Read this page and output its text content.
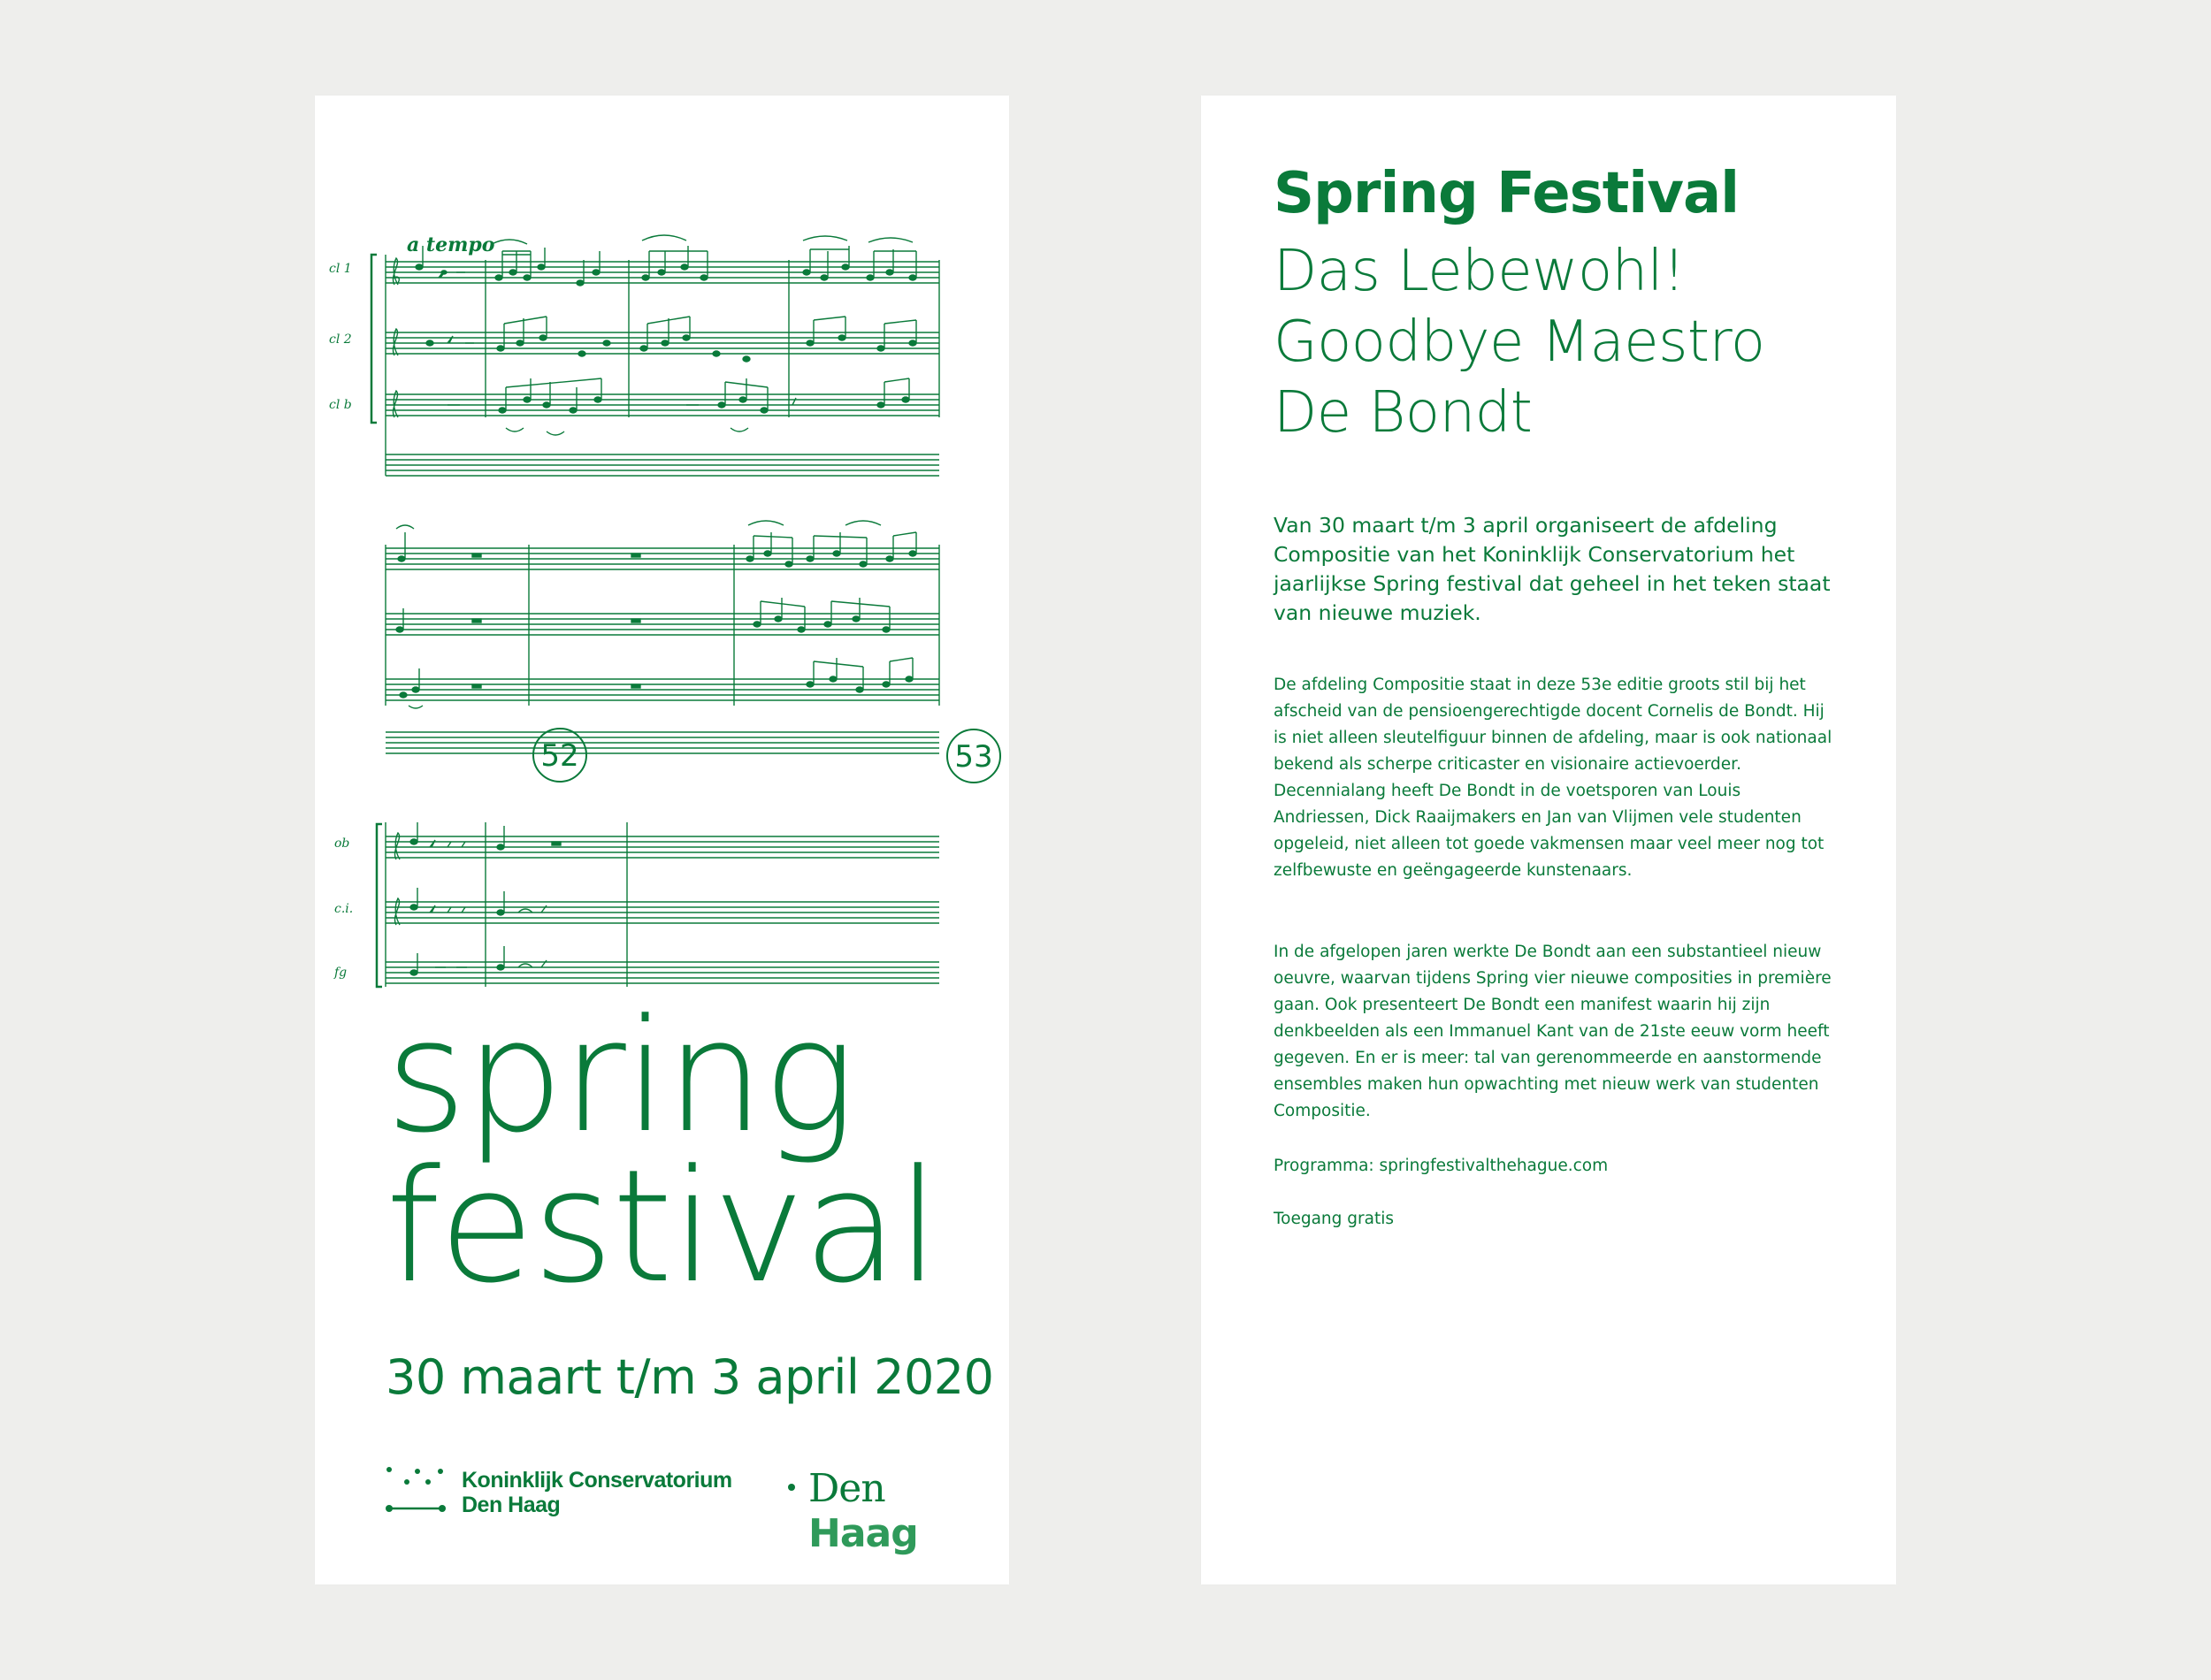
cl 1
cl 2
cl b
ob
c.i.
fg
a tempo
52	53
spring
festival
30 maart t/m 3 april 2020
Koninklijk Conservatorium
Den Haag	Den Haag
Spring Festival
Das Lebewohl!
Goodbye Maestro
De Bondt

Van 30 maart t/m 3 april organiseert de afdeling Compositie van het Koninklijk Conservatorium het jaarlijkse Spring festival dat geheel in het teken staat van nieuwe muziek.

De afdeling Compositie staat in deze 53e editie groots stil bij het afscheid van de pensioengerechtigde docent Cornelis de Bondt. Hij is niet alleen sleutelfiguur binnen de afdeling, maar is ook nationaal bekend als scherpe criticaster en visionaire actievoerder. Decennialang heeft De Bondt in de voetsporen van Louis Andriessen, Dick Raaijmakers en Jan van Vlijmen vele studenten opgeleid, niet alleen tot goede vakmensen maar veel meer nog tot zelfbewuste en geëngageerde kunstenaars.

In de afgelopen jaren werkte De Bondt aan een substantieel nieuw oeuvre, waarvan tijdens Spring vier nieuwe composities in première gaan. Ook presenteert De Bondt een manifest waarin hij zijn denkbeelden als een Immanuel Kant van de 21ste eeuw vorm heeft gegeven. En er is meer: tal van gerenommeerde en aanstormende ensembles maken hun opwachting met nieuw werk van studenten Compositie.

Programma: springfestivalthehague.com

Toegang gratis
